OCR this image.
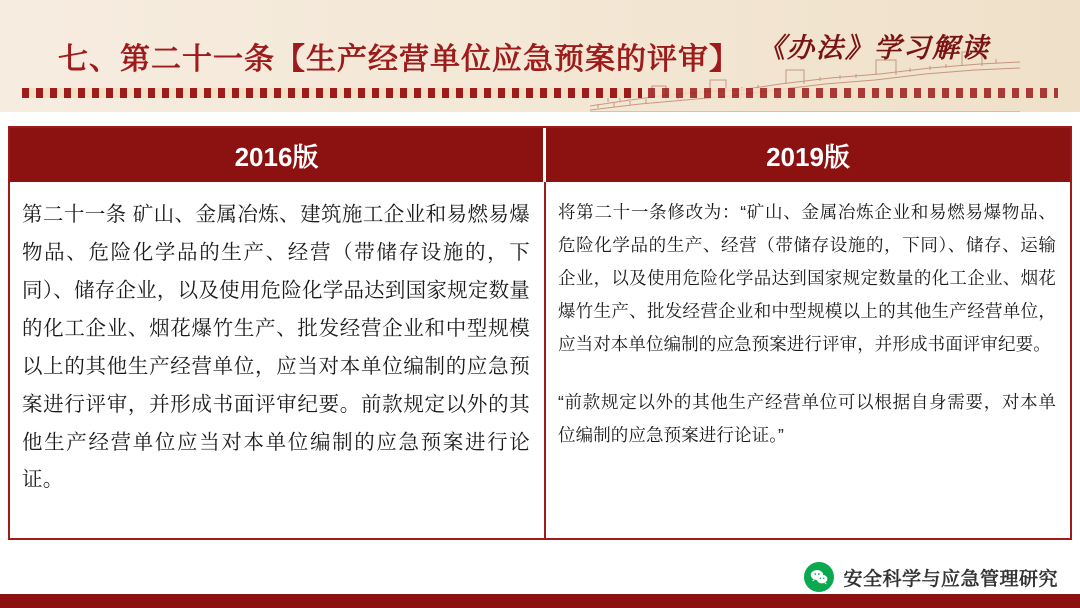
七、第二十一条【生产经营单位应急预案的评审】 《办法》学习解读
2016版	2019版

第二十一条 矿山、金属冶炼、建筑施工企业和易燃易爆物品、危险化学品的生产、经营（带储存设施的，下同）、储存企业，以及使用危险化学品达到国家规定数量的化工企业、烟花爆竹生产、批发经营企业和中型规模以上的其他生产经营单位，应当对本单位编制的应急预案进行评审，并形成书面评审纪要。前款规定以外的其他生产经营单位应当对本单位编制的应急预案进行论证。

将第二十一条修改为：“矿山、金属冶炼企业和易燃易爆物品、危险化学品的生产、经营（带储存设施的，下同）、储存、运输企业，以及使用危险化学品达到国家规定数量的化工企业、烟花爆竹生产、批发经营企业和中型规模以上的其他生产经营单位，应当对本单位编制的应急预案进行评审，并形成书面评审纪要。

“前款规定以外的其他生产经营单位可以根据自身需要，对本单位编制的应急预案进行论证。”

安全科学与应急管理研究
